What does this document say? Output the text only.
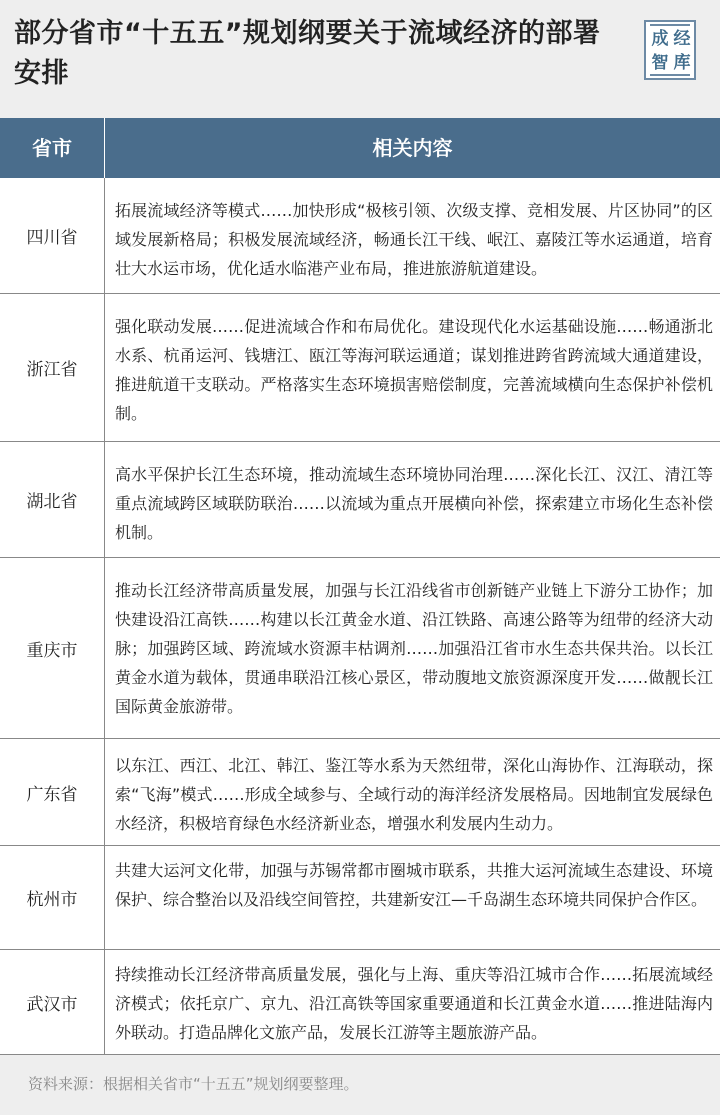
部分省市“十五五”规划纲要关于流域经济的部署安排
成 经
智 库
省市	相关内容
四川省
拓展流域经济等模式……加快形成“极核引领、次级支撑、竞相发展、片区协同”的区域发展新格局；积极发展流域经济，畅通长江干线、岷江、嘉陵江等水运通道，培育壮大水运市场，优化适水临港产业布局，推进旅游航道建设。
浙江省
强化联动发展……促进流域合作和布局优化。建设现代化水运基础设施……畅通浙北水系、杭甬运河、钱塘江、瓯江等海河联运通道；谋划推进跨省跨流域大通道建设，推进航道干支联动。严格落实生态环境损害赔偿制度，完善流域横向生态保护补偿机制。
湖北省
高水平保护长江生态环境，推动流域生态环境协同治理……深化长江、汉江、清江等重点流域跨区域联防联治……以流域为重点开展横向补偿，探索建立市场化生态补偿机制。
重庆市
推动长江经济带高质量发展，加强与长江沿线省市创新链产业链上下游分工协作；加快建设沿江高铁……构建以长江黄金水道、沿江铁路、高速公路等为纽带的经济大动脉；加强跨区域、跨流域水资源丰枯调剂……加强沿江省市水生态共保共治。以长江黄金水道为载体，贯通串联沿江核心景区，带动腹地文旅资源深度开发……做靓长江国际黄金旅游带。
广东省
以东江、西江、北江、韩江、鉴江等水系为天然纽带，深化山海协作、江海联动，探索“飞海”模式……形成全域参与、全域行动的海洋经济发展格局。因地制宜发展绿色水经济，积极培育绿色水经济新业态，增强水利发展内生动力。
杭州市
共建大运河文化带，加强与苏锡常都市圈城市联系，共推大运河流域生态建设、环境保护、综合整治以及沿线空间管控，共建新安江—千岛湖生态环境共同保护合作区。
武汉市
持续推动长江经济带高质量发展，强化与上海、重庆等沿江城市合作……拓展流域经济模式；依托京广、京九、沿江高铁等国家重要通道和长江黄金水道……推进陆海内外联动。打造品牌化文旅产品，发展长江游等主题旅游产品。
资料来源：根据相关省市“十五五”规划纲要整理。
